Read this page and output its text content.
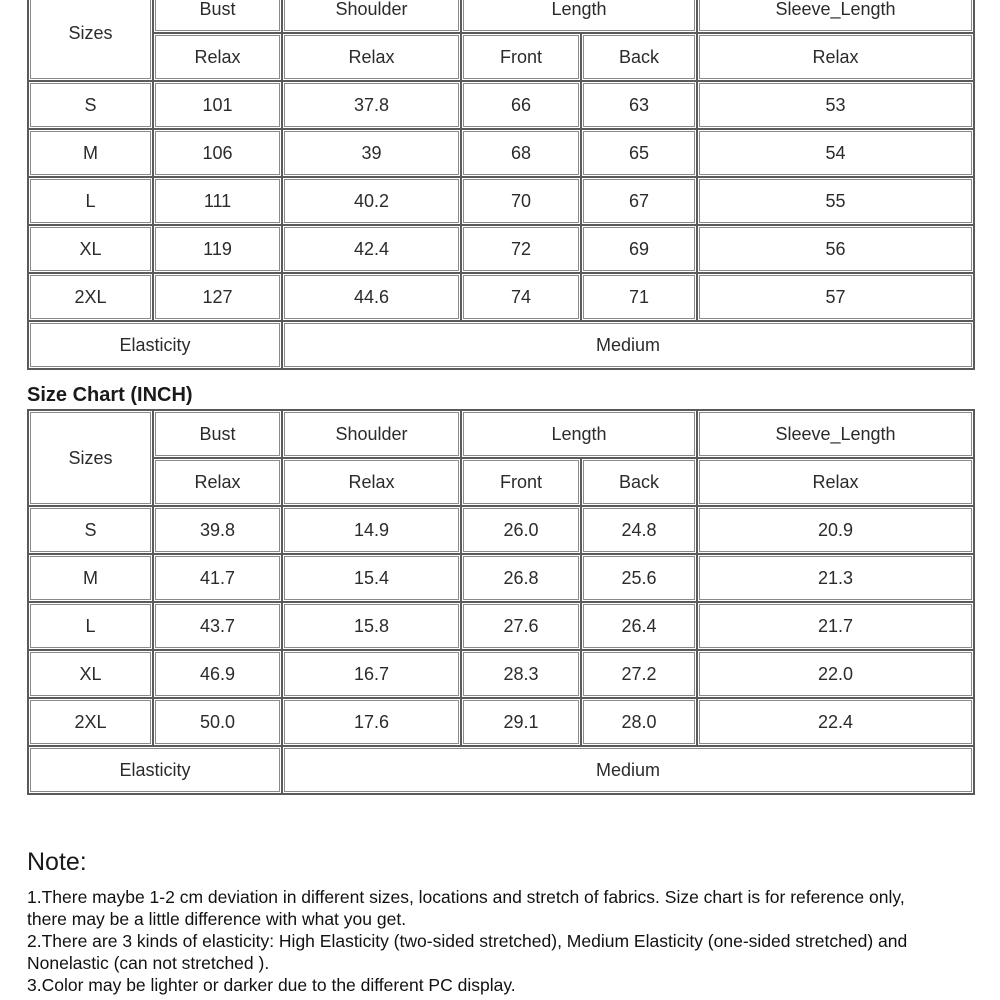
Sizes	Bust	Shoulder	Length		Sleeve_Length
	Relax	Relax	Front	Back	Relax
S	101	37.8	66	63	53
M	106	39	68	65	54
L	111	40.2	70	67	55
XL	119	42.4	72	69	56
2XL	127	44.6	74	71	57
Elasticity		Medium			
Size Chart (INCH)
Sizes	Bust	Shoulder	Length		Sleeve_Length
	Relax	Relax	Front	Back	Relax
S	39.8	14.9	26.0	24.8	20.9
M	41.7	15.4	26.8	25.6	21.3
L	43.7	15.8	27.6	26.4	21.7
XL	46.9	16.7	28.3	27.2	22.0
2XL	50.0	17.6	29.1	28.0	22.4
Elasticity		Medium			
Note:
1.There maybe 1-2 cm deviation in different sizes, locations and stretch of fabrics. Size chart is for reference only,
there may be a little difference with what you get.
2.There are 3 kinds of elasticity: High Elasticity (two-sided stretched), Medium Elasticity (one-sided stretched) and
Nonelastic (can not stretched ).
3.Color may be lighter or darker due to the different PC display.
